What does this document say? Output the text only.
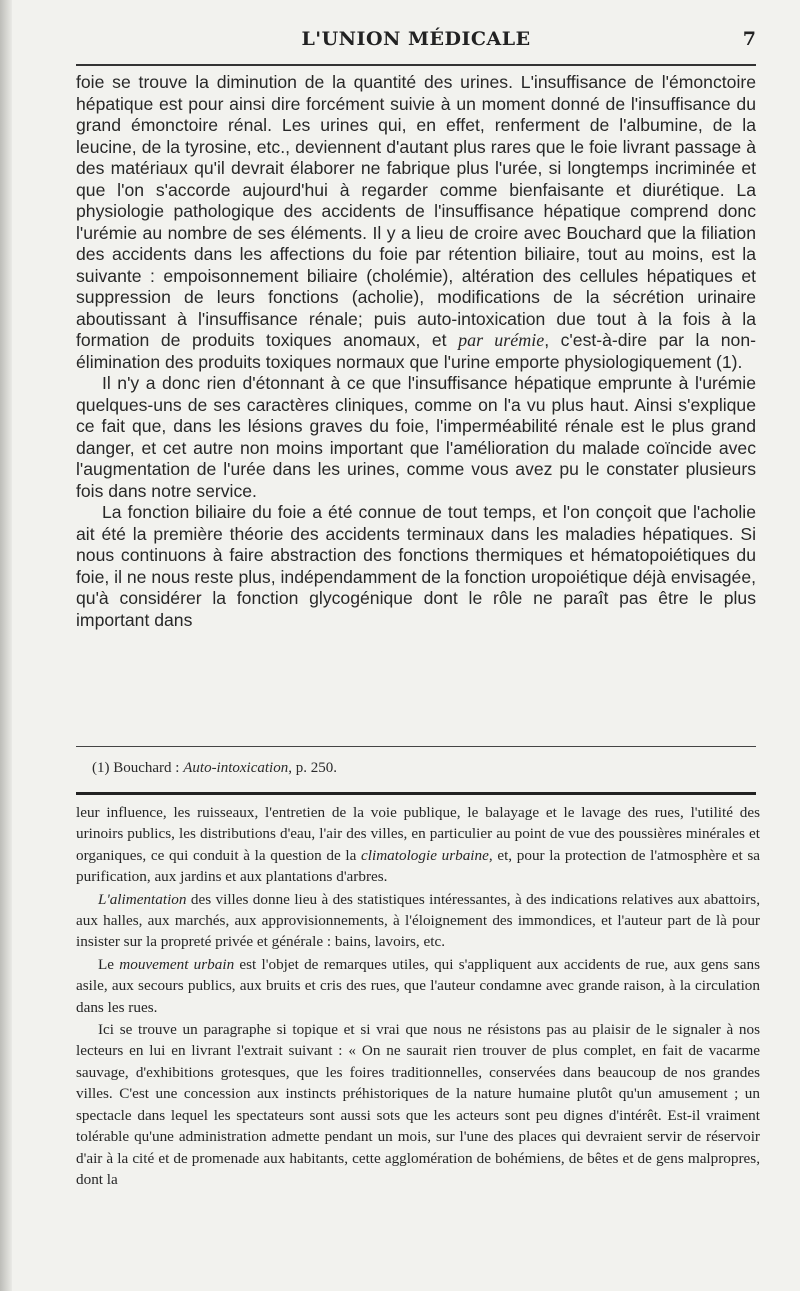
L'UNION MÉDICALE	7

foie se trouve la diminution de la quantité des urines. L'insuffisance de l'émonctoire hépatique est pour ainsi dire forcément suivie à un moment donné de l'insuffisance du grand émonctoire rénal. Les urines qui, en effet, renferment de l'albumine, de la leucine, de la tyrosine, etc., deviennent d'autant plus rares que le foie livrant passage à des matériaux qu'il devrait élaborer ne fabrique plus l'urée, si longtemps incriminée et que l'on s'accorde aujourd'hui à regarder comme bienfaisante et diurétique. La physiologie pathologique des accidents de l'insuffisance hépatique comprend donc l'urémie au nombre de ses éléments. Il y a lieu de croire avec Bouchard que la filiation des accidents dans les affections du foie par rétention biliaire, tout au moins, est la suivante : empoisonnement biliaire (cholémie), altération des cellules hépatiques et suppression de leurs fonctions (acholie), modifications de la sécrétion urinaire aboutissant à l'insuffisance rénale; puis auto-intoxication due tout à la fois à la formation de produits toxiques anomaux, et par urémie, c'est-à-dire par la non-élimination des produits toxiques normaux que l'urine emporte physiologiquement (1).

Il n'y a donc rien d'étonnant à ce que l'insuffisance hépatique emprunte à l'urémie quelques-uns de ses caractères cliniques, comme on l'a vu plus haut. Ainsi s'explique ce fait que, dans les lésions graves du foie, l'imperméabilité rénale est le plus grand danger, et cet autre non moins important que l'amélioration du malade coïncide avec l'augmentation de l'urée dans les urines, comme vous avez pu le constater plusieurs fois dans notre service.

La fonction biliaire du foie a été connue de tout temps, et l'on conçoit que l'acholie ait été la première théorie des accidents terminaux dans les maladies hépatiques. Si nous continuons à faire abstraction des fonctions thermiques et hématopoiétiques du foie, il ne nous reste plus, indépendamment de la fonction uropoiétique déjà envisagée, qu'à considérer la fonction glycogénique dont le rôle ne paraît pas être le plus important dans

(1) Bouchard : Auto-intoxication, p. 250.

leur influence, les ruisseaux, l'entretien de la voie publique, le balayage et le lavage des rues, l'utilité des urinoirs publics, les distributions d'eau, l'air des villes, en particulier au point de vue des poussières minérales et organiques, ce qui conduit à la question de la climatologie urbaine, et, pour la protection de l'atmosphère et sa purification, aux jardins et aux plantations d'arbres.

L'alimentation des villes donne lieu à des statistiques intéressantes, à des indications relatives aux abattoirs, aux halles, aux marchés, aux approvisionnements, à l'éloignement des immondices, et l'auteur part de là pour insister sur la propreté privée et générale : bains, lavoirs, etc.

Le mouvement urbain est l'objet de remarques utiles, qui s'appliquent aux accidents de rue, aux gens sans asile, aux secours publics, aux bruits et cris des rues, que l'auteur condamne avec grande raison, à la circulation dans les rues.

Ici se trouve un paragraphe si topique et si vrai que nous ne résistons pas au plaisir de le signaler à nos lecteurs en lui en livrant l'extrait suivant : « On ne saurait rien trouver de plus complet, en fait de vacarme sauvage, d'exhibitions grotesques, que les foires traditionnelles, conservées dans beaucoup de nos grandes villes. C'est une concession aux instincts préhistoriques de la nature humaine plutôt qu'un amusement ; un spectacle dans lequel les spectateurs sont aussi sots que les acteurs sont peu dignes d'intérêt. Est-il vraiment tolérable qu'une administration admette pendant un mois, sur l'une des places qui devraient servir de réservoir d'air à la cité et de promenade aux habitants, cette agglomération de bohémiens, de bêtes et de gens malpropres, dont la
